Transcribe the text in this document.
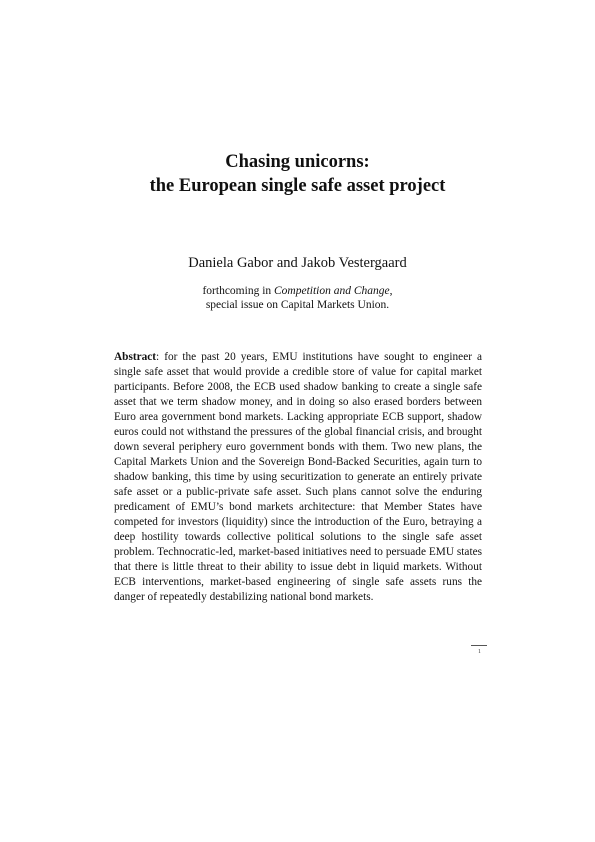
Chasing unicorns:
the European single safe asset project
Daniela Gabor and Jakob Vestergaard
forthcoming in Competition and Change,
special issue on Capital Markets Union.
Abstract: for the past 20 years, EMU institutions have sought to engineer a single safe asset that would provide a credible store of value for capital market participants. Before 2008, the ECB used shadow banking to create a single safe asset that we term shadow money, and in doing so also erased borders between Euro area government bond markets. Lacking appropriate ECB support, shadow euros could not withstand the pressures of the global financial crisis, and brought down several periphery euro government bonds with them. Two new plans, the Capital Markets Union and the Sovereign Bond-Backed Securities, again turn to shadow banking, this time by using securitization to generate an entirely private safe asset or a public-private safe asset. Such plans cannot solve the enduring predicament of EMU’s bond markets architecture: that Member States have competed for investors (liquidity) since the introduction of the Euro, betraying a deep hostility towards collective political solutions to the single safe asset problem. Technocratic-led, market-based initiatives need to persuade EMU states that there is little threat to their ability to issue debt in liquid markets. Without ECB interventions, market-based engineering of single safe assets runs the danger of repeatedly destabilizing national bond markets.
1
